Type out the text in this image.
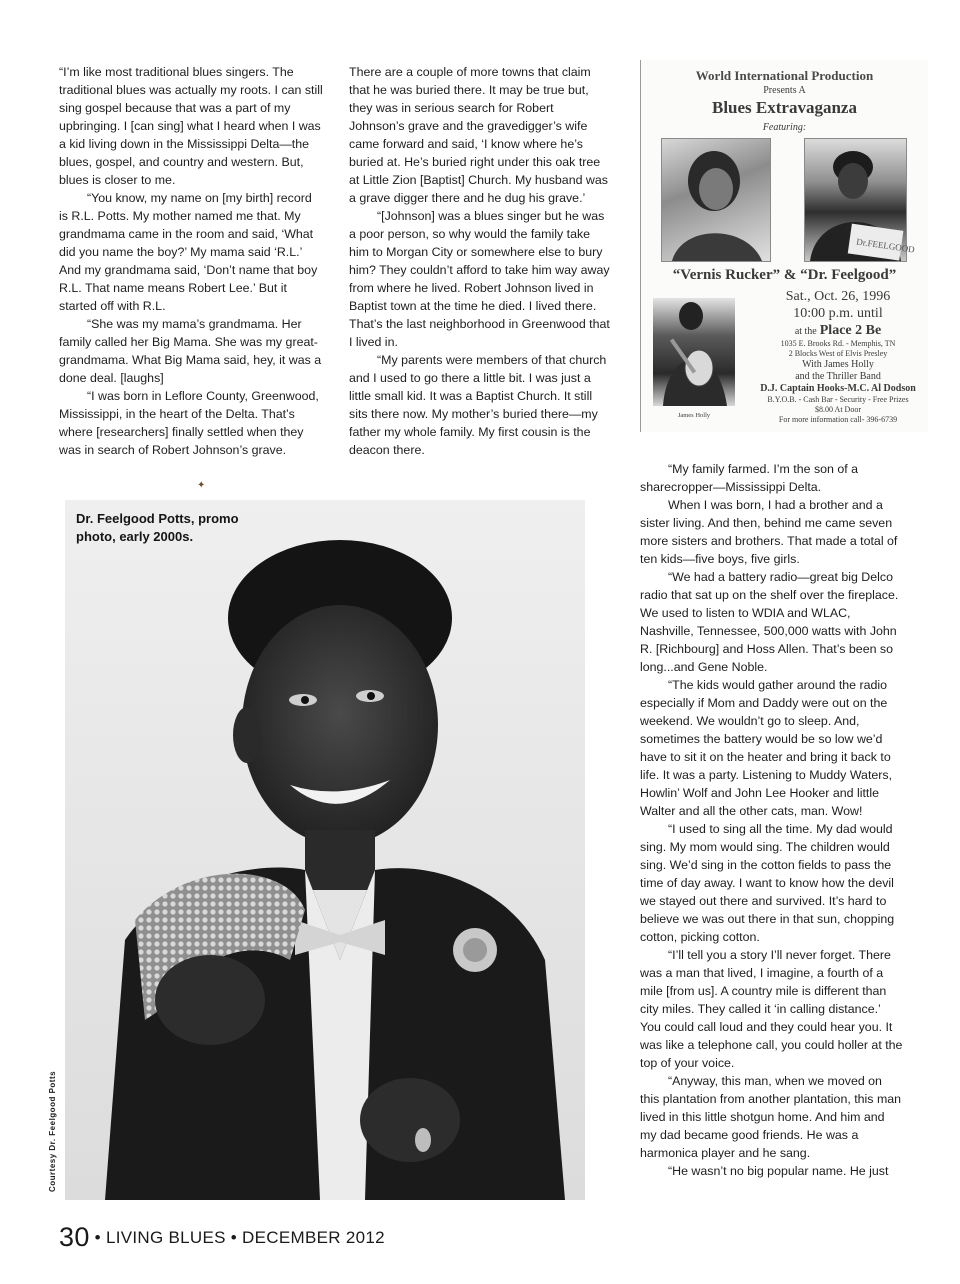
“I’m like most traditional blues singers. The traditional blues was actually my roots. I can still sing gospel because that was a part of my upbringing. I [can sing] what I heard when I was a kid living down in the Mississippi Delta—the blues, gospel, and country and western. But, blues is closer to me.

“You know, my name on [my birth] record is R.L. Potts. My mother named me that. My grandmama came in the room and said, ‘What did you name the boy?’ My mama said ‘R.L.’ And my grandmama said, ‘Don’t name that boy R.L. That name means Robert Lee.’ But it started off with R.L.

“She was my mama’s grandmama. Her family called her Big Mama. She was my great-grandmama. What Big Mama said, hey, it was a done deal. [laughs]

“I was born in Leflore County, Greenwood, Mississippi, in the heart of the Delta. That’s where [researchers] finally settled when they was in search of Robert Johnson’s grave.

There are a couple of more towns that claim that he was buried there. It may be true but, they was in serious search for Robert Johnson’s grave and the gravedigger’s wife came forward and said, ‘I know where he’s buried at. He’s buried right under this oak tree at Little Zion [Baptist] Church. My husband was a grave digger there and he dug his grave.’

“[Johnson] was a blues singer but he was a poor person, so why would the family take him to Morgan City or somewhere else to bury him? They couldn’t afford to take him way away from where he lived. Robert Johnson lived in Baptist town at the time he died. I lived there. That’s the last neighborhood in Greenwood that I lived in.

“My parents were members of that church and I used to go there a little bit. I was just a little small kid. It was a Baptist Church. It still sits there now. My mother’s buried there—my father my whole family. My first cousin is the deacon there.

World International Production
Presents A
Blues Extravaganza
Featuring:
Dr.FEELGOOD
“Vernis Rucker” & “Dr. Feelgood”
James Holly
Sat., Oct. 26, 1996
10:00 p.m. until
at the Place 2 Be
1035 E. Brooks Rd. - Memphis, TN
2 Blocks West of Elvis Presley
With James Holly
and the Thriller Band
D.J. Captain Hooks-M.C. Al Dodson
B.Y.O.B. - Cash Bar - Security - Free Prizes
$8.00 At Door
For more information call- 396-6739

“My family farmed. I’m the son of a sharecropper—Mississippi Delta.

When I was born, I had a brother and a sister living. And then, behind me came seven more sisters and brothers. That made a total of ten kids—five boys, five girls.

“We had a battery radio—great big Delco radio that sat up on the shelf over the fireplace. We used to listen to WDIA and WLAC, Nashville, Tennessee, 500,000 watts with John R. [Richbourg] and Hoss Allen. That’s been so long...and Gene Noble.

“The kids would gather around the radio especially if Mom and Daddy were out on the weekend. We wouldn’t go to sleep. And, sometimes the battery would be so low we’d have to sit it on the heater and bring it back to life. It was a party. Listening to Muddy Waters, Howlin’ Wolf and John Lee Hooker and little Walter and all the other cats, man. Wow!

“I used to sing all the time. My dad would sing. My mom would sing. The children would sing. We’d sing in the cotton fields to pass the time of day away. I want to know how the devil we stayed out there and survived. It’s hard to believe we was out there in that sun, chopping cotton, picking cotton.

“I’ll tell you a story I’ll never forget. There was a man that lived, I imagine, a fourth of a mile [from us]. A country mile is different than city miles. They called it ‘in calling distance.’ You could call loud and they could hear you. It was like a telephone call, you could holler at the top of your voice.

“Anyway, this man, when we moved on this plantation from another plantation, this man lived in this little shotgun home. And him and my dad became good friends. He was a harmonica player and he sang.

“He wasn’t no big popular name. He just

✦
Dr. Feelgood Potts, promo photo, early 2000s.
Courtesy Dr. Feelgood Potts
30 • LIVING BLUES • DECEMBER 2012
